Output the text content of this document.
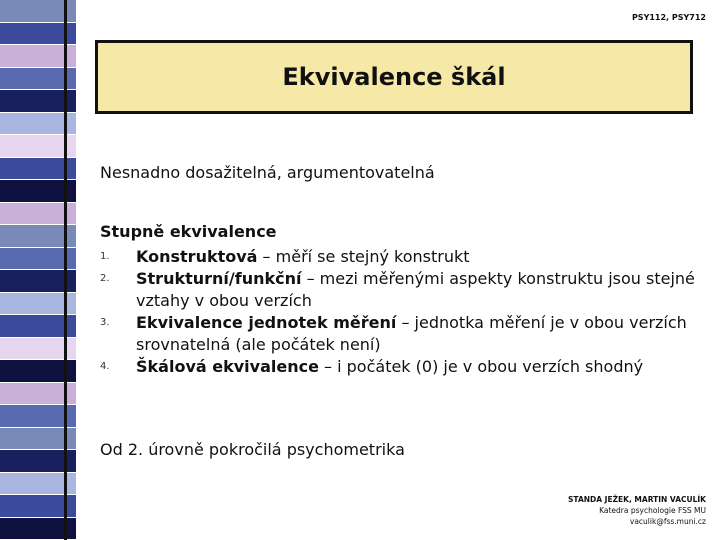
PSY112, PSY712
Ekvivalence škál

Nesnadno dosažitelná, argumentovatelná

Stupně ekvivalence

1. Konstruktová – měří se stejný konstrukt
2. Strukturní/funkční – mezi měřenými aspekty konstruktu jsou stejné vztahy v obou verzích
3. Ekvivalence jednotek měření – jednotka měření je v obou verzích srovnatelná (ale počátek není)
4. Škálová ekvivalence – i počátek (0) je v obou verzích shodný

Od 2. úrovně pokročilá psychometrika

STANDA JEŽEK, MARTIN VACULÍK
Katedra psychologie FSS MU
vaculik@fss.muni.cz
